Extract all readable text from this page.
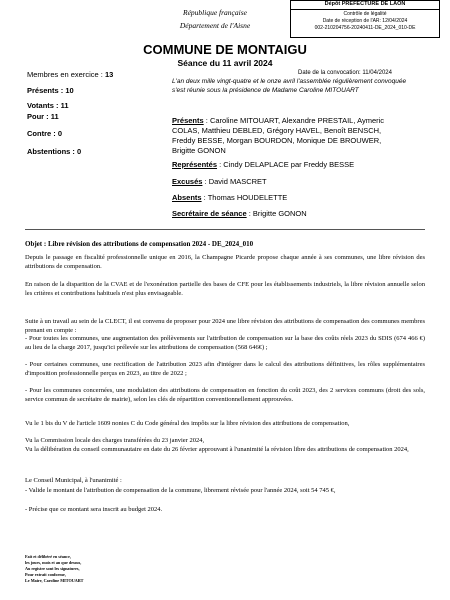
République française
Département de l'Aisne
Dépôt PREFECTURE DE LAON
Contrôle de légalité
Date de réception de l'AR: 12/04/2024
002-210204756-20240411-DE_2024_010-DE
COMMUNE DE MONTAIGU
Séance du 11 avril 2024
Membres en exercice : 13
Présents : 10
Votants : 11
Pour : 11
Contre : 0
Abstentions : 0
Date de la convocation: 11/04/2024
L'an deux mille vingt-quatre et le onze avril l'assemblée régulièrement convoquée s'est réunie sous la présidence de Madame Caroline MITOUART
Présents : Caroline MITOUART, Alexandre PRESTAIL, Aymeric
COLAS, Matthieu DEBLED, Grégory HAVEL, Benoît BENSCH,
Freddy BESSE, Morgan BOURDON, Monique DE BROUWER,
Brigitte GONON
Représentés : Cindy DELAPLACE par Freddy BESSE
Excusés : David MASCRET
Absents : Thomas HOUDELETTE
Secrétaire de séance : Brigitte GONON
Objet : Libre révision des attributions de compensation 2024 - DE_2024_010
Depuis le passage en fiscalité professionnelle unique en 2016, la Champagne Picarde propose chaque année à ses communes, une libre révision des attributions de compensation.
En raison de la disparition de la CVAE et de l'exonération partielle des bases de CFE pour les établissements industriels, la libre révision annuelle selon les critères et contributions habituels n'est plus envisageable.
Suite à un travail au sein de la CLECT, il est convenu de proposer pour 2024 une libre révision des attributions de compensation des communes membres prenant en compte :
- Pour toutes les communes, une augmentation des prélèvements sur l'attribution de compensation sur la base des coûts réels 2023 du SDIS (674 466 €) au lieu de la charge 2017, jusqu'ici prélevée sur les attributions de compensation (568 646€) ;
- Pour certaines communes, une rectification de l'attribution 2023 afin d'intégrer dans le calcul des attributions définitives, les rôles supplémentaires d'imposition professionnelle perçus en 2023, au titre de 2022 ;
- Pour les communes concernées, une modulation des attributions de compensation en fonction du coût 2023, des 2 services communs (droit des sols, service commun de secrétaire de mairie), selon les clés de répartition conventionnellement approuvées.
Vu le 1 bis du V de l'article 1609 nonies C du Code général des impôts sur la libre révision des attributions de compensation,
Vu la Commission locale des charges transférées du 23 janvier 2024,
Vu la délibération du conseil communautaire en date du 26 février approuvant à l'unanimité la révision libre des attributions de compensation 2024,
Le Conseil Municipal, à l'unanimité :
- Valide le montant de l'attribution de compensation de la commune, librement révisée pour l'année 2024, soit 54 745 €,
- Précise que ce montant sera inscrit au budget 2024.
Fait et délibéré en séance,
les jours, mois et an que dessus,
Au registre sont les signatures,
Pour extrait conforme,
Le Maire, Caroline MITOUART
